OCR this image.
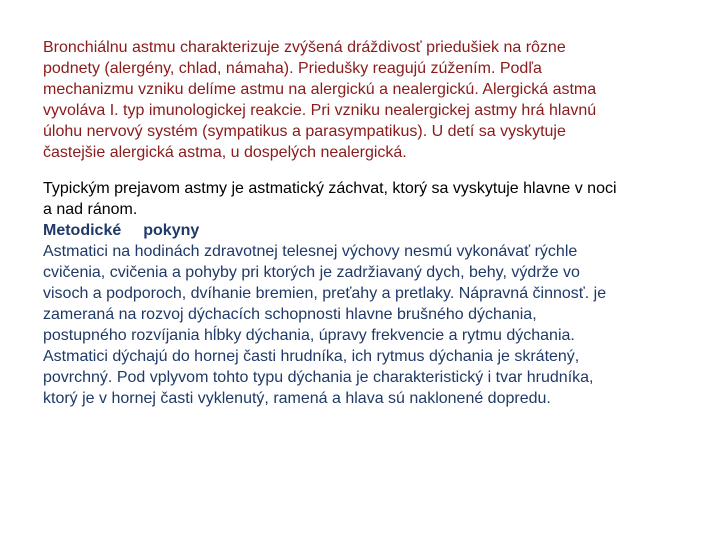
Bronchiálnu astmu charakterizuje zvýšená dráždivosť priedušiek na rôzne
podnety (alergény, chlad, námaha). Priedušky reagujú zúžením. Podľa
mechanizmu vzniku delíme astmu na alergickú a nealergickú. Alergická astma
vyvoláva I. typ imunologickej reakcie. Pri vzniku nealergickej astmy hrá hlavnú
úlohu nervový systém (sympatikus a parasympatikus). U detí sa vyskytuje
častejšie alergická astma, u dospelých nealergická.
Typickým prejavom astmy je astmatický záchvat, ktorý sa vyskytuje hlavne v noci
a nad ránom.
Metodické pokyny
Astmatici na hodinách zdravotnej telesnej výchovy nesmú vykonávať rýchle
cvičenia, cvičenia a pohyby pri ktorých je zadržiavaný dych, behy, výdrže vo
visoch a podporoch, dvíhanie bremien, preťahy a pretlaky. Nápravná činnosť. je
zameraná na rozvoj dýchacích schopnosti hlavne brušného dýchania,
postupného rozvíjania hĺbky dýchania, úpravy frekvencie a rytmu dýchania.
Astmatici dýchajú do hornej časti hrudníka, ich rytmus dýchania je skrátený,
povrchný. Pod vplyvom tohto typu dýchania je charakteristický i tvar hrudníka,
ktorý je v hornej časti vyklenutý, ramená a hlava sú naklonené dopredu.
